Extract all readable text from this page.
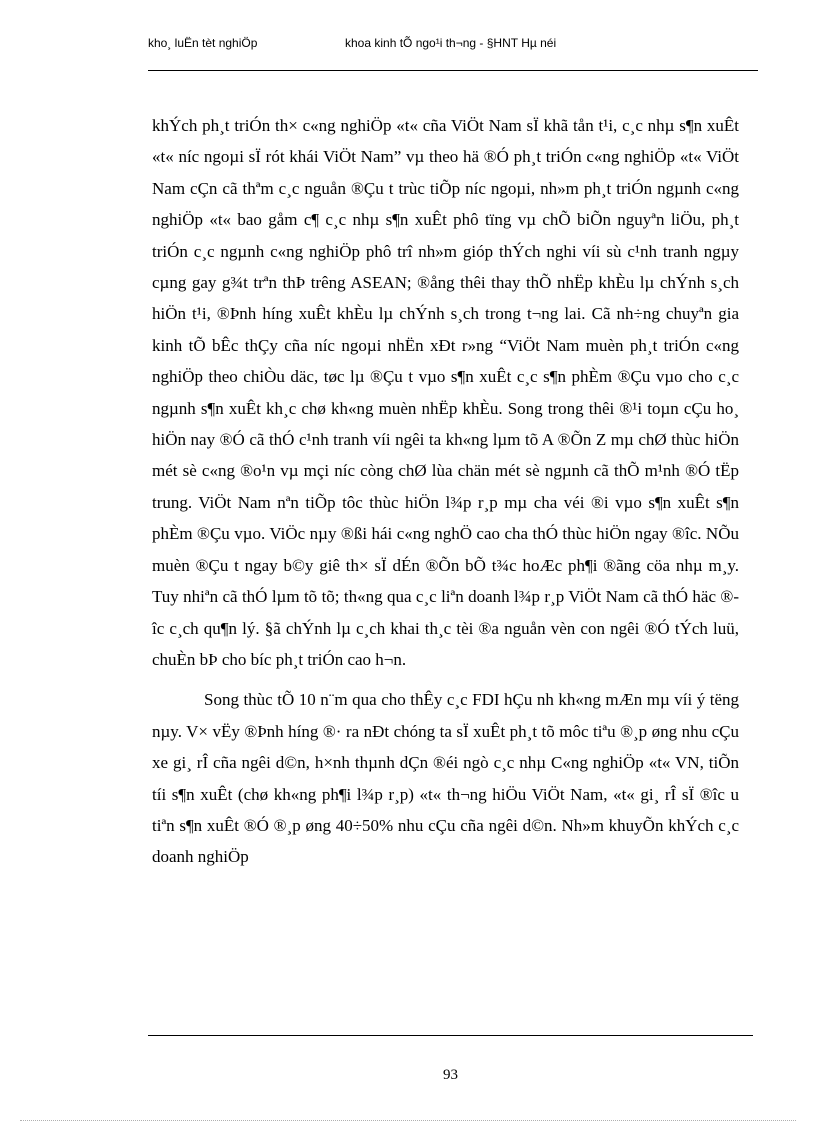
kho¸ luËn tèt nghiÖp	khoa kinh tÕ ngo¹i th¬ng - §HNT Hµ néi

khÝch ph¸t triÓn th× c«ng nghiÖp «t« cña ViÖt Nam sÏ khã tån t¹i, c¸c nhµ s¶n xuÊt «t« níc ngoµi sÏ rót khái ViÖt Nam” vµ theo hä ®Ó ph¸t triÓn c«ng nghiÖp «t« ViÖt Nam cÇn cã thªm c¸c nguån ®Çu t trùc tiÕp níc ngoµi, nh»m ph¸t triÓn ngµnh c«ng nghiÖp «t« bao gåm c¶ c¸c nhµ s¶n xuÊt phô tïng vµ chÕ biÕn nguyªn liÖu, ph¸t triÓn c¸c ngµnh c«ng nghiÖp phô trî nh»m gióp thÝch nghi víi sù c¹nh tranh ngµy cµng gay g¾t trªn thÞ trêng ASEAN; ®ång thêi thay thÕ nhËp khÈu lµ chÝnh s¸ch hiÖn t¹i, ®Þnh híng xuÊt khÈu lµ chÝnh s¸ch trong t¬ng lai. Cã nh÷ng chuyªn gia kinh tÕ bÊc thÇy cña níc ngoµi nhËn xÐt r»ng “ViÖt Nam muèn ph¸t triÓn c«ng nghiÖp theo chiÒu däc, tøc lµ ®Çu t vµo s¶n xuÊt c¸c s¶n phÈm ®Çu vµo cho c¸c ngµnh s¶n xuÊt kh¸c chø kh«ng muèn nhËp khÈu. Song trong thêi ®¹i toµn cÇu ho¸ hiÖn nay ®Ó cã thÓ c¹nh tranh víi ngêi ta kh«ng lµm tõ A ®Õn Z mµ chØ thùc hiÖn mét sè c«ng ®o¹n vµ mçi níc còng chØ lùa chän mét sè ngµnh cã thÕ m¹nh ®Ó tËp trung. ViÖt Nam nªn tiÕp tôc thùc hiÖn l¾p r¸p mµ cha véi ®i vµo s¶n xuÊt s¶n phÈm ®Çu vµo. ViÖc nµy ®ßi hái c«ng nghÖ cao cha thÓ thùc hiÖn ngay ®îc. NÕu muèn ®Çu t ngay b©y giê th× sÏ dÉn ®Õn bÕ t¾c hoÆc ph¶i ®ãng cöa nhµ m¸y. Tuy nhiªn cã thÓ lµm tõ tõ; th«ng qua c¸c liªn doanh l¾p r¸p ViÖt Nam cã thÓ häc ®îc c¸ch qu¶n lý. §ã chÝnh lµ c¸ch khai th¸c tèi ®a nguån vèn con ngêi ®Ó tÝch luü, chuÈn bÞ cho bíc ph¸t triÓn cao h¬n.

Song thùc tÕ 10 n¨m qua cho thÊy c¸c FDI hÇu nh kh«ng mÆn mµ víi ý tëng nµy. V× vËy ®Þnh híng ®· ra nÐt chóng ta sÏ xuÊt ph¸t tõ môc tiªu ®¸p øng nhu cÇu xe gi¸ rÎ cña ngêi d©n, h×nh thµnh dÇn ®éi ngò c¸c nhµ C«ng nghiÖp «t« VN, tiÕn tíi s¶n xuÊt (chø kh«ng ph¶i l¾p r¸p) «t« th¬ng hiÖu ViÖt Nam, «t« gi¸ rÎ sÏ ®îc u tiªn s¶n xuÊt ®Ó ®¸p øng 40÷50% nhu cÇu cña ngêi d©n. Nh»m khuyÕn khÝch c¸c doanh nghiÖp

93
